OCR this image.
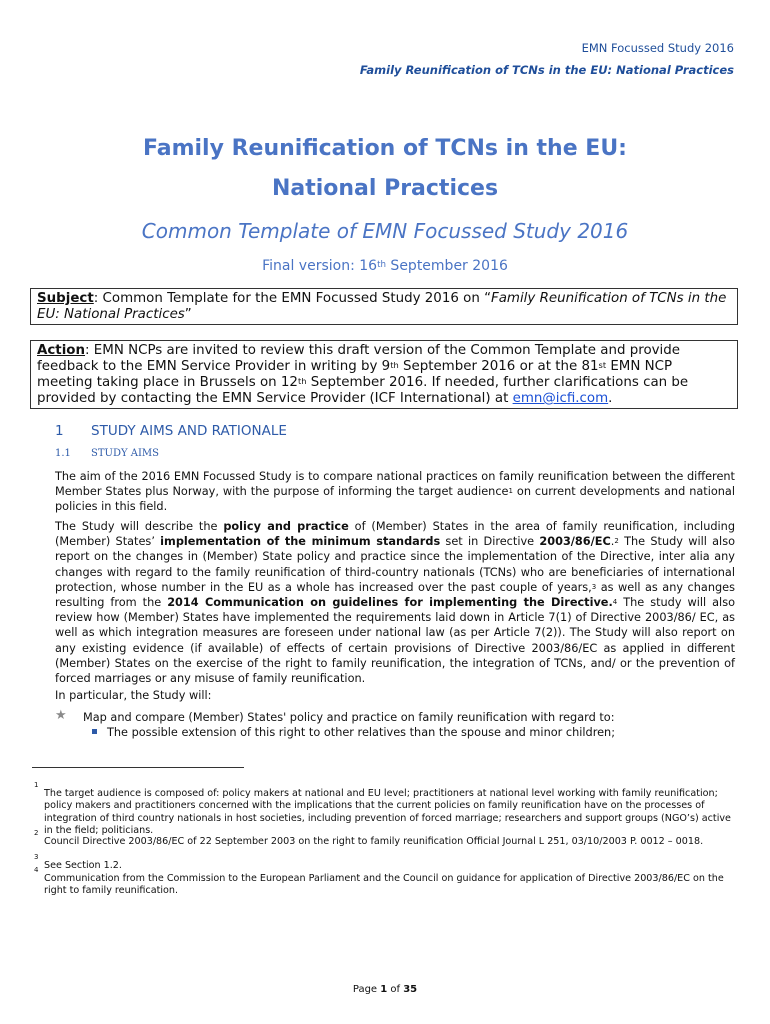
EMN Focussed Study 2016
Family Reunification of TCNs in the EU: National Practices
Family Reunification of TCNs in the EU:
National Practices
Common Template of EMN Focussed Study 2016
Final version: 16th September 2016
Subject: Common Template for the EMN Focussed Study 2016 on “Family Reunification of TCNs in the EU: National Practices”
Action: EMN NCPs are invited to review this draft version of the Common Template and provide feedback to the EMN Service Provider in writing by 9th September 2016 or at the 81st EMN NCP meeting taking place in Brussels on 12th September 2016. If needed, further clarifications can be provided by contacting the EMN Service Provider (ICF International) at emn@icfi.com.
1 STUDY AIMS AND RATIONALE
1.1 STUDY AIMS
The aim of the 2016 EMN Focussed Study is to compare national practices on family reunification between the different Member States plus Norway, with the purpose of informing the target audience$^1$ on current developments and national policies in this field.
The Study will describe the policy and practice of (Member) States in the area of family reunification, including (Member) States’ implementation of the minimum standards set in Directive 2003/86/EC.$^2$ The Study will also report on the changes in (Member) State policy and practice since the implementation of the Directive, inter alia any changes with regard to the family reunification of third-country nationals (TCNs) who are beneficiaries of international protection, whose number in the EU as a whole has increased over the past couple of years,$^3$ as well as any changes resulting from the 2014 Communication on guidelines for implementing the Directive.$^4$ The study will also review how (Member) States have implemented the requirements laid down in Article 7(1) of Directive 2003/86/ EC, as well as which integration measures are foreseen under national law (as per Article 7(2)). The Study will also report on any existing evidence (if available) of effects of certain provisions of Directive 2003/86/EC as applied in different (Member) States on the exercise of the right to family reunification, the integration of TCNs, and/ or the prevention of forced marriages or any misuse of family reunification.
In particular, the Study will:
★ Map and compare (Member) States' policy and practice on family reunification with regard to:
The possible extension of this right to other relatives than the spouse and minor children;
1
The target audience is composed of: policy makers at national and EU level; practitioners at national level working with family reunification; policy makers and practitioners concerned with the implications that the current policies on family reunification have on the processes of integration of third country nationals in host societies, including prevention of forced marriage; researchers and support groups (NGO’s) active in the field; politicians.
2
Council Directive 2003/86/EC of 22 September 2003 on the right to family reunification Official Journal L 251, 03/10/2003 P. 0012 – 0018.
3
See Section 1.2.
4
Communication from the Commission to the European Parliament and the Council on guidance for application of Directive 2003/86/EC on the right to family reunification.
Page 1 of 35
